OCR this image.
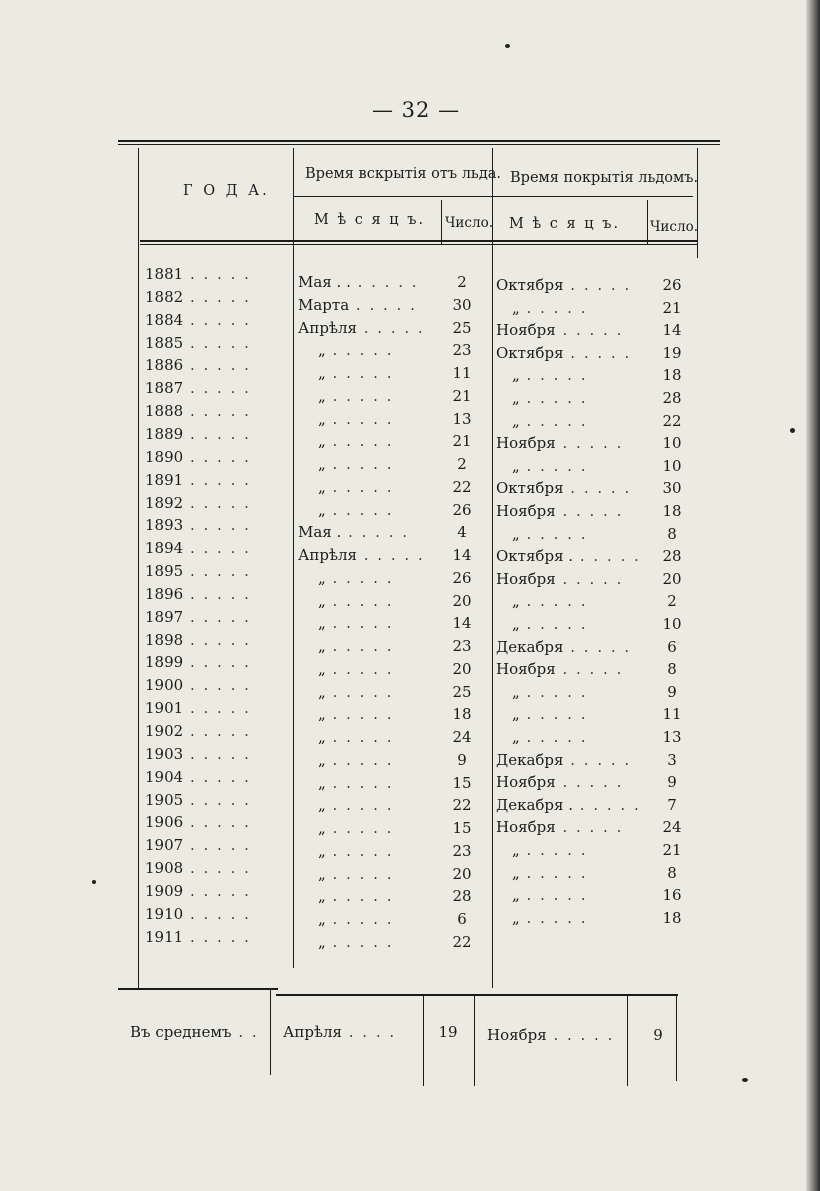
— 32 —
Г О Д А.
Время вскрытія отъ льда. Время покрытія льдомъ.
М ѣ с я ц ъ. Число. М ѣ с я ц ъ. Число.
1881 . . . . .	Мая . . . . . . .	2	Октября . . . . .	26
1882 . . . . .	Марта . . . . .	30	„ . . . . .	21
1884 . . . . .	Апрѣля . . . . .	25	Ноября . . . . .	14
1885 . . . . .	„ . . . . .	23	Октября . . . . .	19
1886 . . . . .	„ . . . . .	11	„ . . . . .	18
1887 . . . . .	„ . . . . .	21	„ . . . . .	28
1888 . . . . .	„ . . . . .	13	„ . . . . .	22
1889 . . . . .	„ . . . . .	21	Ноября . . . . .	10
1890 . . . . .	„ . . . . .	2	„ . . . . .	10
1891 . . . . .	„ . . . . .	22	Октября . . . . .	30
1892 . . . . .	„ . . . . .	26	Ноября . . . . .	18
1893 . . . . .	Мая . . . . . .	4	„ . . . . .	8
1894 . . . . .	Апрѣля . . . . .	14	Октября . . . . . .	28
1895 . . . . .	„ . . . . .	26	Ноября . . . . .	20
1896 . . . . .	„ . . . . .	20	„ . . . . .	2
1897 . . . . .	„ . . . . .	14	„ . . . . .	10
1898 . . . . .	„ . . . . .	23	Декабря . . . . .	6
1899 . . . . .	„ . . . . .	20	Ноября . . . . .	8
1900 . . . . .	„ . . . . .	25	„ . . . . .	9
1901 . . . . .	„ . . . . .	18	„ . . . . .	11
1902 . . . . .	„ . . . . .	24	„ . . . . .	13
1903 . . . . .	„ . . . . .	9	Декабря . . . . .	3
1904 . . . . .	„ . . . . .	15	Ноября . . . . .	9
1905 . . . . .	„ . . . . .	22	Декабря . . . . . .	7
1906 . . . . .	„ . . . . .	15	Ноября . . . . .	24
1907 . . . . .	„ . . . . .	23	„ . . . . .	21
1908 . . . . .	„ . . . . .	20	„ . . . . .	8
1909 . . . . .	„ . . . . .	28	„ . . . . .	16
1910 . . . . .	„ . . . . .	6	„ . . . . .	18
1911 . . . . .	„ . . . . .	22
Въ среднемъ . . Апрѣля . . . .	19	Ноября . . . . .	9
